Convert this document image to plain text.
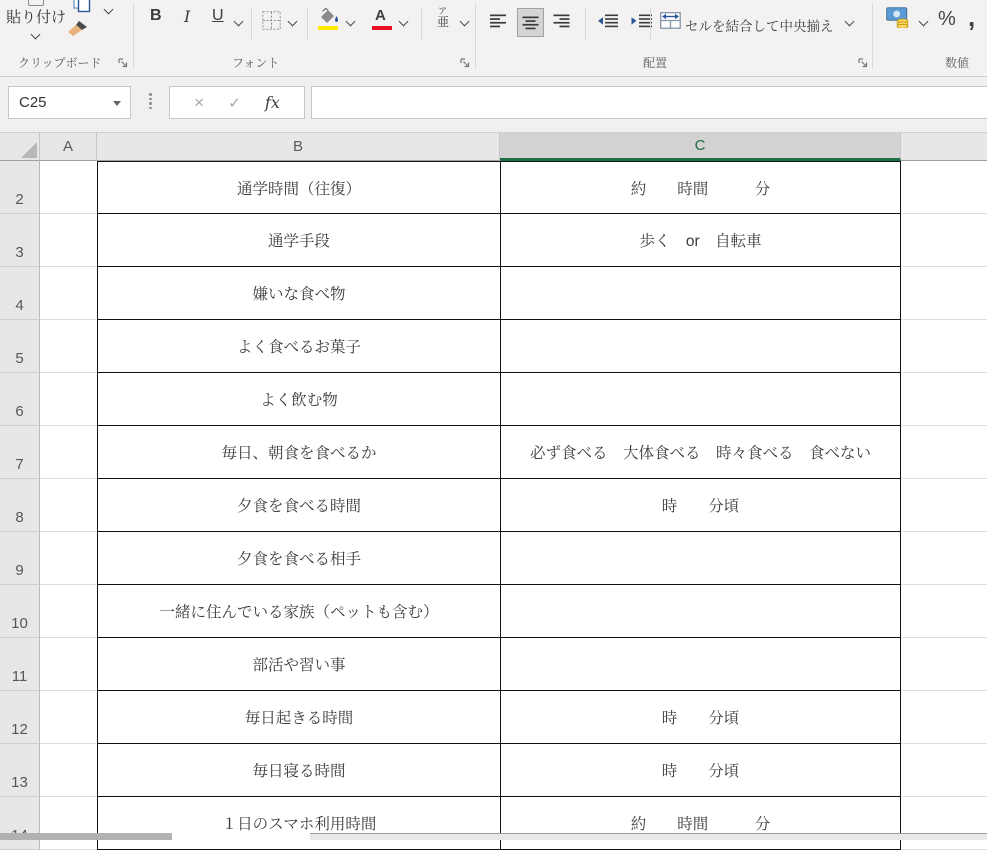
貼り付け
クリップボード
B I U	A	ア
亜
フォント
セルを結合して中央揃え
配置
% ,
数値
C25	× ✓ fx
A	B	C
2
通学時間（往復）	約　　時間　　　分
3
通学手段	歩く　or　自転車
4
嫌いな食べ物
5
よく食べるお菓子
6
よく飲む物
7
毎日、朝食を食べるか	必ず食べる　大体食べる　時々食べる　食べない
8
夕食を食べる時間	時　　分頃
9
夕食を食べる相手
10
一緒に住んでいる家族（ペットも含む）
11
部活や習い事
12
毎日起きる時間	時　　分頃
13
毎日寝る時間	時　　分頃
１日のスマホ利用時間	約　　時間　　　分
